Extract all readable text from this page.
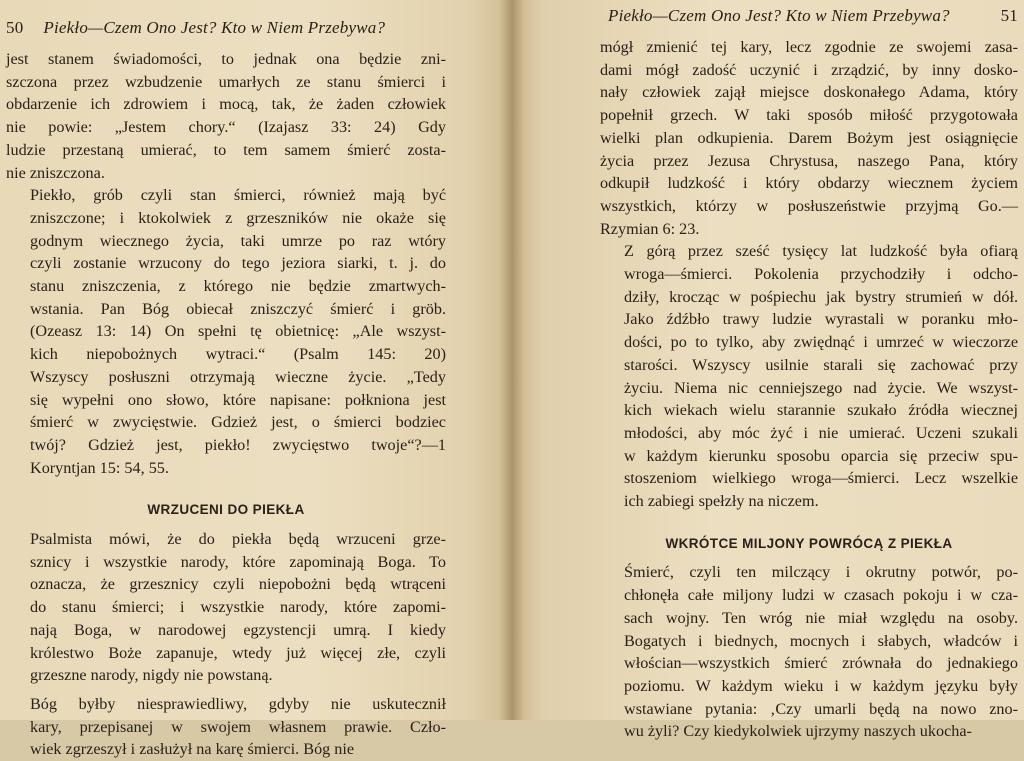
50 Piekło—Czem Ono Jest? Kto w Niem Przebywa?

jest stanem świadomości, to jednak ona będzie zni-
szczona przez wzbudzenie umarłych ze stanu śmierci i
obdarzenie ich zdrowiem i mocą, tak, że żaden człowiek
nie powie: „Jestem chory.“ (Izajasz 33: 24) Gdy
ludzie przestaną umierać, to tem samem śmierć zosta-
nie zniszczona.

Piekło, grób czyli stan śmierci, również mają być
zniszczone; i ktokolwiek z grzeszników nie okaże się
godnym wiecznego życia, taki umrze po raz wtóry
czyli zostanie wrzucony do tego jeziora siarki, t. j. do
stanu zniszczenia, z którego nie będzie zmartwych-
wstania. Pan Bóg obiecał zniszczyć śmierć i gröb.
(Ozeasz 13: 14) On spełni tę obietnicę: „Ale wszyst-
kich niepobożnych wytraci.“ (Psalm 145: 20)
Wszyscy posłuszni otrzymają wieczne życie. „Tedy
się wypełni ono słowo, które napisane: połkniona jest
śmierć w zwycięstwie. Gdzież jest, o śmierci bodziec
twój? Gdzież jest, piekło! zwycięstwo twoje“?—1
Koryntjan 15: 54, 55.

WRZUCENI DO PIEKŁA

Psalmista mówi, że do piekła będą wrzuceni grze-
sznicy i wszystkie narody, które zapominają Boga. To
oznacza, że grzesznicy czyli niepobożni będą wtrąceni
do stanu śmierci; i wszystkie narody, które zapomi-
nają Boga, w narodowej egzystencji umrą. I kiedy
królestwo Boże zapanuje, wtedy już więcej złe, czyli
grzeszne narody, nigdy nie powstaną.

Bóg byłby niesprawiedliwy, gdyby nie uskutecznił
kary, przepisanej w swojem własnem prawie. Czło-
wiek zgrzeszył i zasłużył na karę śmierci. Bóg nie

Piekło—Czem Ono Jest? Kto w Niem Przebywa?	51

mógł zmienić tej kary, lecz zgodnie ze swojemi zasa-
dami mógł zadość uczynić i zrządzić, by inny dosko-
nały człowiek zajął miejsce doskonałego Adama, który
popełnił grzech. W taki sposób miłość przygotowała
wielki plan odkupienia. Darem Bożym jest osiągnięcie
życia przez Jezusa Chrystusa, naszego Pana, który
odkupił ludzkość i który obdarzy wiecznem życiem
wszystkich, którzy w posłuszeństwie przyjmą Go.—
Rzymian 6: 23.

Z górą przez sześć tysięcy lat ludzkość była ofiarą
wroga—śmierci. Pokolenia przychodziły i odcho-
dziły, krocząc w pośpiechu jak bystry strumień w dół.
Jako źdźbło trawy ludzie wyrastali w poranku mło-
dości, po to tylko, aby zwiędnąć i umrzeć w wieczorze
starości. Wszyscy usilnie starali się zachować przy
życiu. Niema nic cenniejszego nad życie. We wszyst-
kich wiekach wielu starannie szukało źródła wiecznej
młodości, aby móc żyć i nie umierać. Uczeni szukali
w każdym kierunku sposobu oparcia się przeciw spu-
stoszeniom wielkiego wroga—śmierci. Lecz wszelkie
ich zabiegi spełzły na niczem.

WKRÓTCE MILJONY POWRÓCĄ Z PIEKŁA

Śmierć, czyli ten milczący i okrutny potwór, po-
chłonęła całe miljony ludzi w czasach pokoju i w cza-
sach wojny. Ten wróg nie miał względu na osoby.
Bogatych i biednych, mocnych i słabych, władców i
włościan—wszystkich śmierć zrównała do jednakiego
poziomu. W każdym wieku i w każdym języku były
wstawiane pytania: ‚Czy umarli będą na nowo zno-
wu żyli? Czy kiedykolwiek ujrzymy naszych ukocha-
